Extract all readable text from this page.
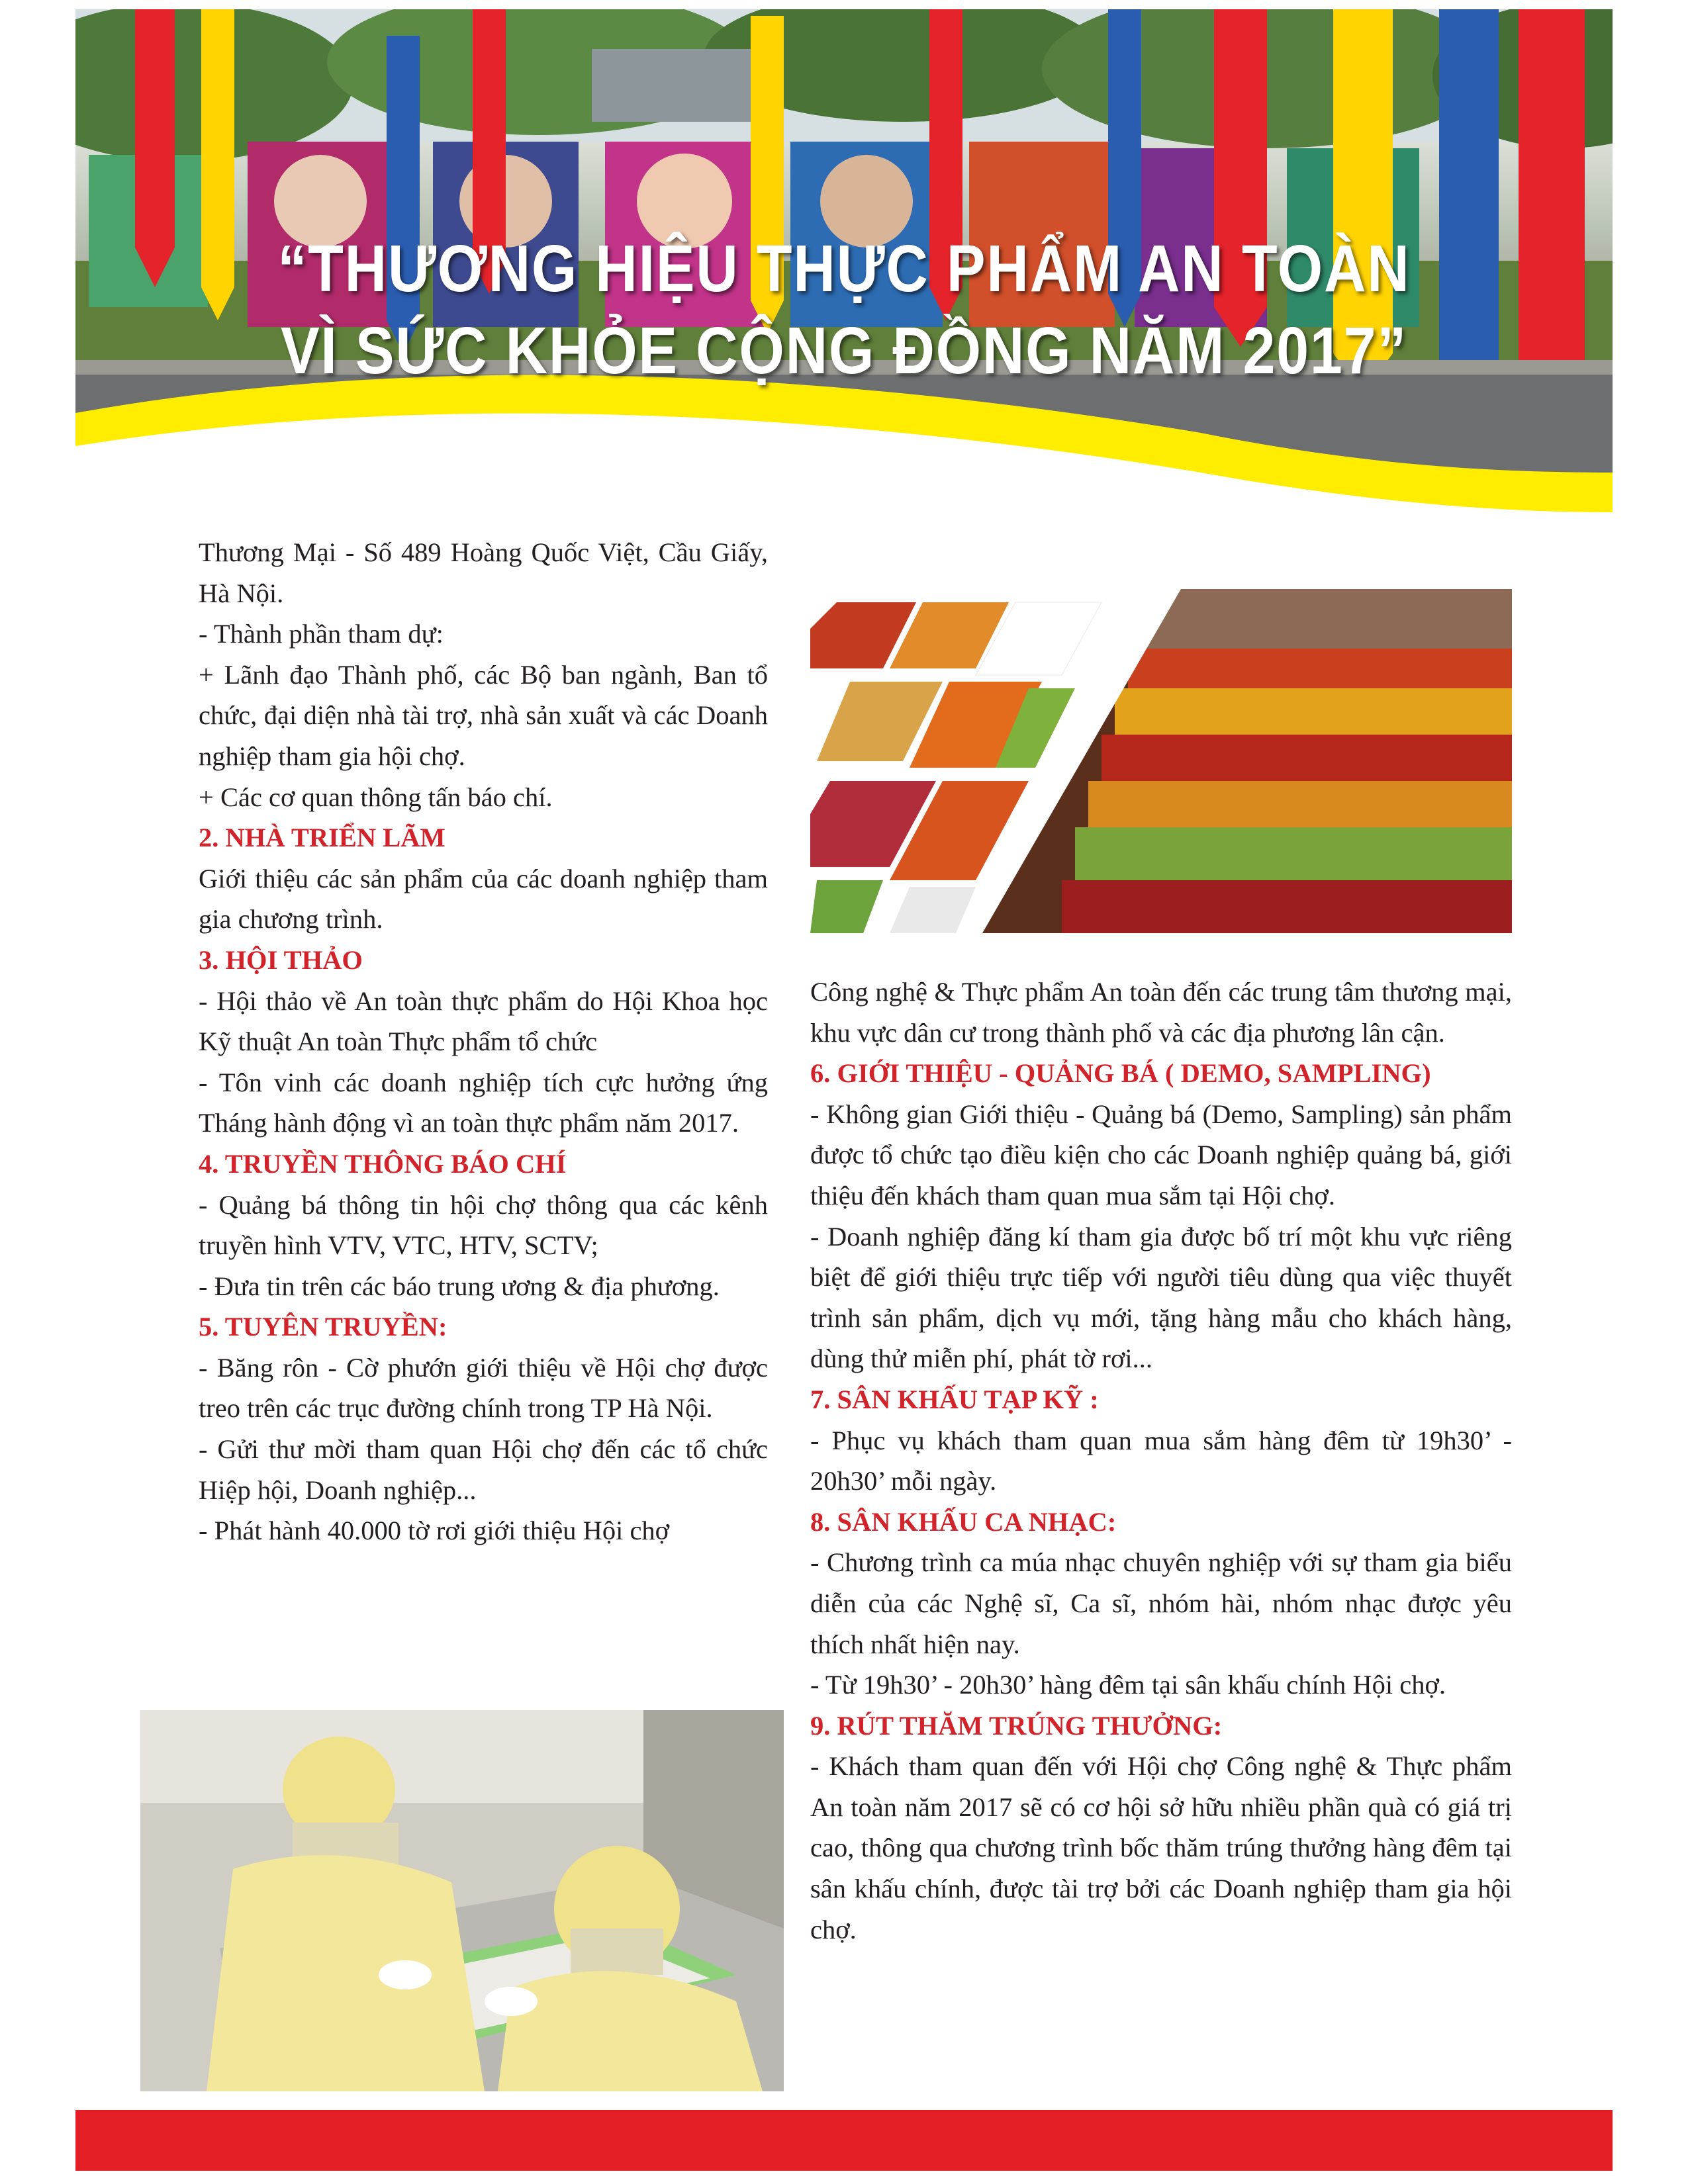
“THƯƠNG HIỆU THỰC PHẨM AN TOÀN
VÌ SỨC KHỎE CỘNG ĐỒNG NĂM 2017”

Thương Mại - Số 489 Hoàng Quốc Việt, Cầu Giấy, Hà Nội.

- Thành phần tham dự:

+ Lãnh đạo Thành phố, các Bộ ban ngành, Ban tổ chức, đại diện nhà tài trợ, nhà sản xuất và các Doanh nghiệp tham gia hội chợ.

+ Các cơ quan thông tấn báo chí.

2. NHÀ TRIỂN LÃM

Giới thiệu các sản phẩm của các doanh nghiệp tham gia chương trình.

3. HỘI THẢO

- Hội thảo về An toàn thực phẩm do Hội Khoa học Kỹ thuật An toàn Thực phẩm tổ chức

- Tôn vinh các doanh nghiệp tích cực hưởng ứng Tháng hành động vì an toàn thực phẩm năm 2017.

4. TRUYỀN THÔNG BÁO CHÍ

- Quảng bá thông tin hội chợ thông qua các kênh truyền hình VTV, VTC, HTV, SCTV;

- Đưa tin trên các báo trung ương & địa phương.

5. TUYÊN TRUYỀN:

- Băng rôn - Cờ phướn giới thiệu về Hội chợ được treo trên các trục đường chính trong TP Hà Nội.

- Gửi thư mời tham quan Hội chợ đến các tổ chức Hiệp hội, Doanh nghiệp...

- Phát hành 40.000 tờ rơi giới thiệu Hội chợ

Công nghệ & Thực phẩm An toàn đến các trung tâm thương mại, khu vực dân cư trong thành phố và các địa phương lân cận.

6. GIỚI THIỆU - QUẢNG BÁ ( DEMO, SAMPLING)

- Không gian Giới thiệu - Quảng bá (Demo, Sampling) sản phẩm được tổ chức tạo điều kiện cho các Doanh nghiệp quảng bá, giới thiệu đến khách tham quan mua sắm tại Hội chợ.

- Doanh nghiệp đăng kí tham gia được bố trí một khu vực riêng biệt để giới thiệu trực tiếp với người tiêu dùng qua việc thuyết trình sản phẩm, dịch vụ mới, tặng hàng mẫu cho khách hàng, dùng thử miễn phí, phát tờ rơi...

7. SÂN KHẤU TẠP KỸ :

- Phục vụ khách tham quan mua sắm hàng đêm từ 19h30’ - 20h30’ mỗi ngày.

8. SÂN KHẤU CA NHẠC:

- Chương trình ca múa nhạc chuyên nghiệp với sự tham gia biểu diễn của các Nghệ sĩ, Ca sĩ, nhóm hài, nhóm nhạc được yêu thích nhất hiện nay.

- Từ 19h30’ - 20h30’ hàng đêm tại sân khấu chính Hội chợ.

9. RÚT THĂM TRÚNG THƯỞNG:

- Khách tham quan đến với Hội chợ Công nghệ & Thực phẩm An toàn năm 2017 sẽ có cơ hội sở hữu nhiều phần quà có giá trị cao, thông qua chương trình bốc thăm trúng thưởng hàng đêm tại sân khấu chính, được tài trợ bởi các Doanh nghiệp tham gia hội chợ.
